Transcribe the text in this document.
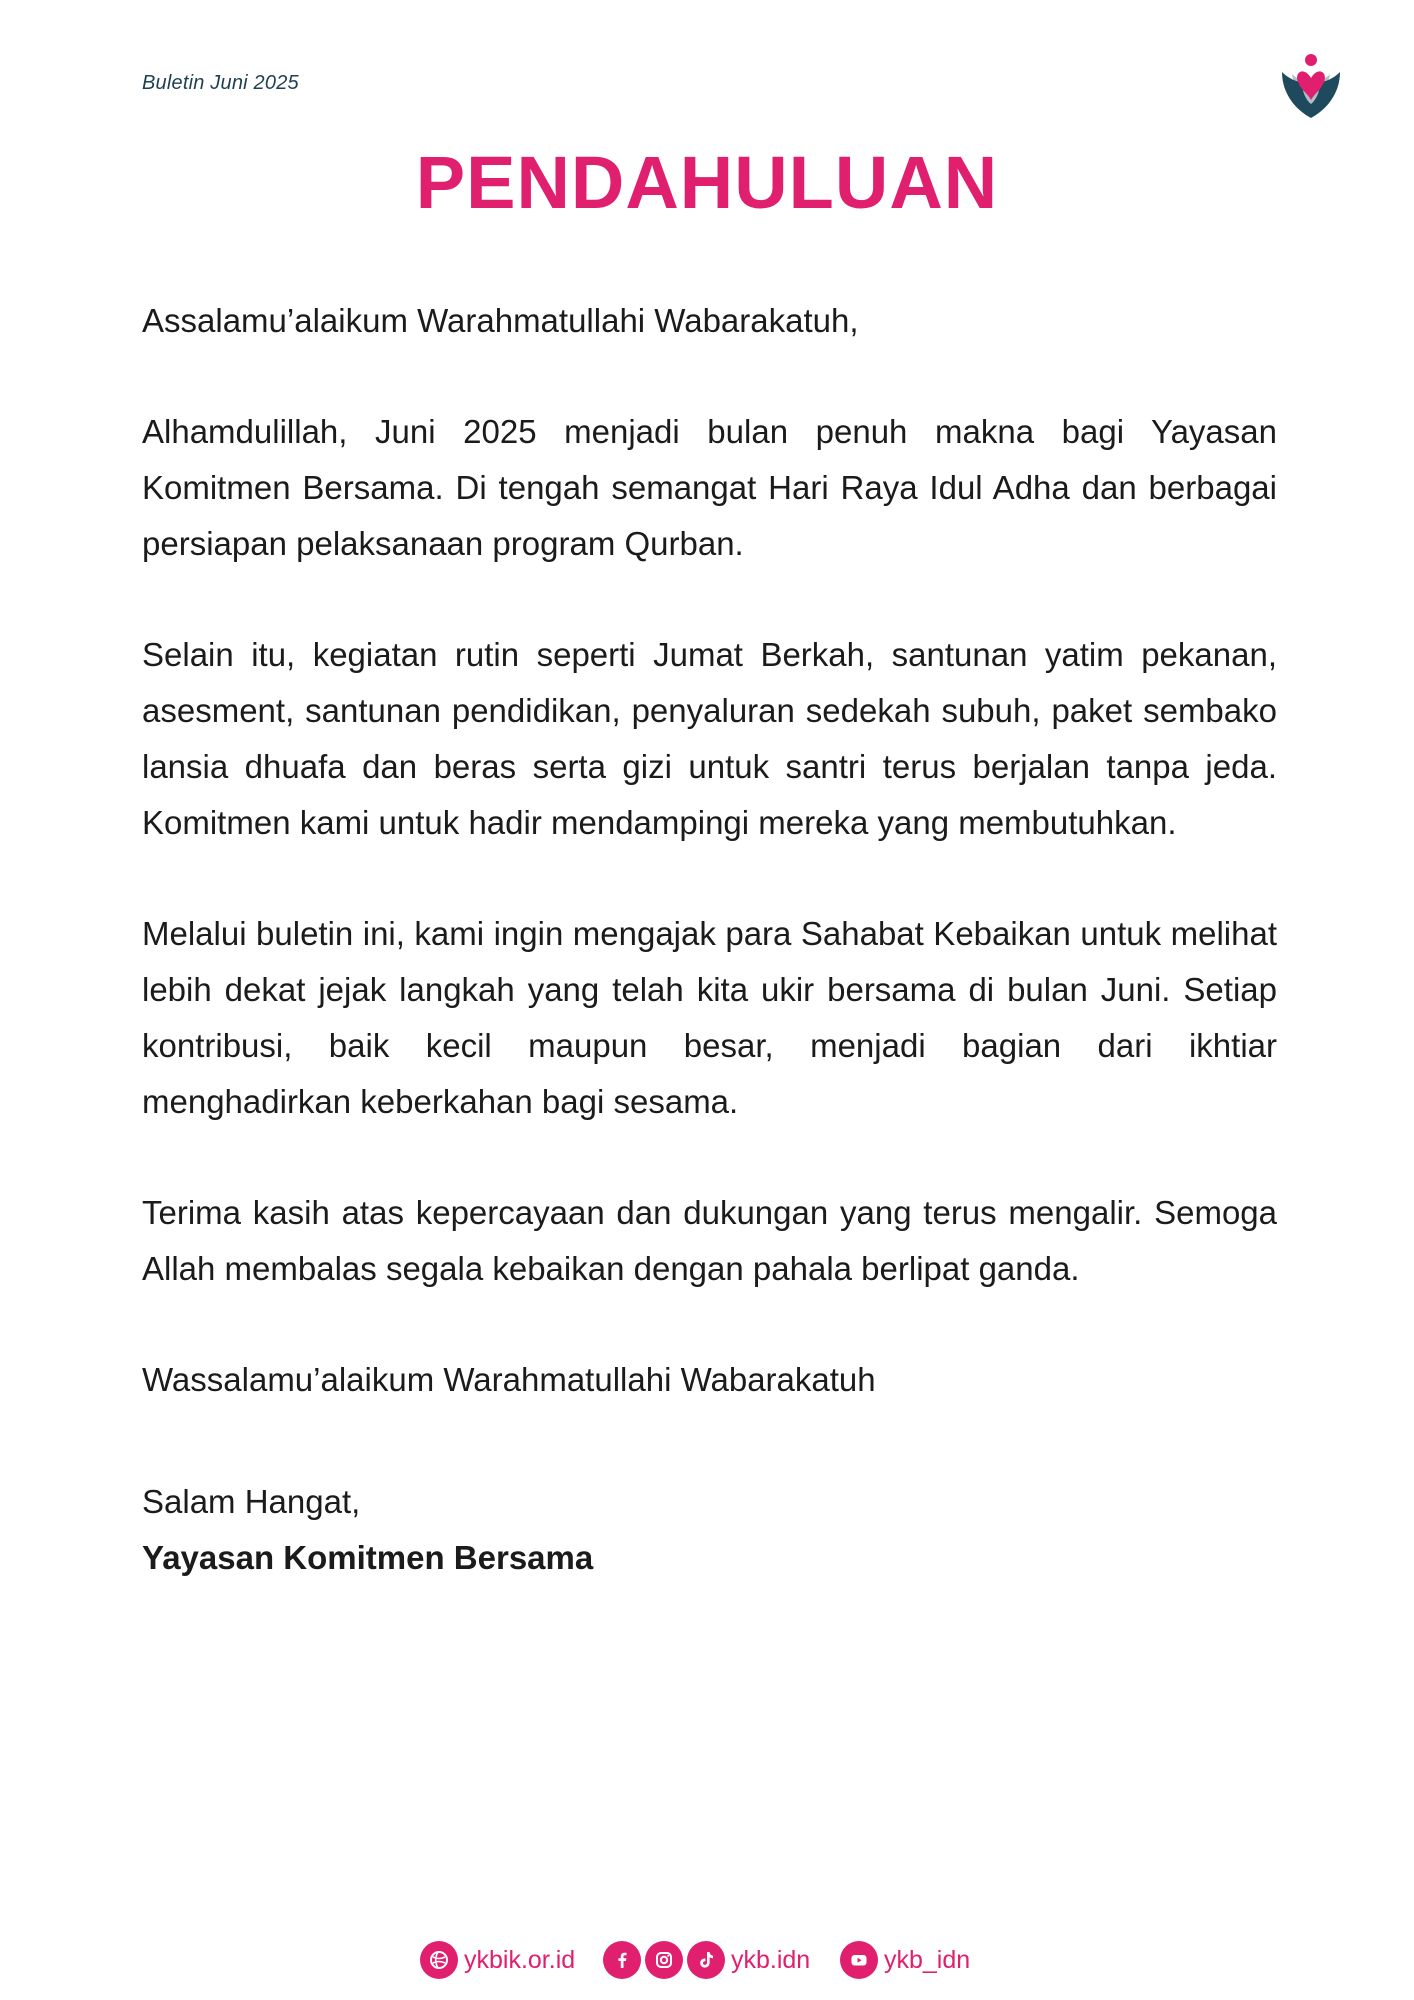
Buletin Juni 2025
PENDAHULUAN

Assalamu’alaikum Warahmatullahi Wabarakatuh,

Alhamdulillah, Juni 2025 menjadi bulan penuh makna bagi Yayasan Komitmen Bersama. Di tengah semangat Hari Raya Idul Adha dan berbagai persiapan pelaksanaan program Qurban.

Selain itu, kegiatan rutin seperti Jumat Berkah, santunan yatim pekanan, asesment, santunan pendidikan, penyaluran sedekah subuh, paket sembako lansia dhuafa dan beras serta gizi untuk santri terus berjalan tanpa jeda. Komitmen kami untuk hadir mendampingi mereka yang membutuhkan.

Melalui buletin ini, kami ingin mengajak para Sahabat Kebaikan untuk melihat lebih dekat jejak langkah yang telah kita ukir bersama di bulan Juni. Setiap kontribusi, baik kecil maupun besar, menjadi bagian dari ikhtiar menghadirkan keberkahan bagi sesama.

Terima kasih atas kepercayaan dan dukungan yang terus mengalir. Semoga Allah membalas segala kebaikan dengan pahala berlipat ganda.

Wassalamu’alaikum Warahmatullahi Wabarakatuh

Salam Hangat,
Yayasan Komitmen Bersama
ykbik.or.id	ykb.idn	ykb_idn
